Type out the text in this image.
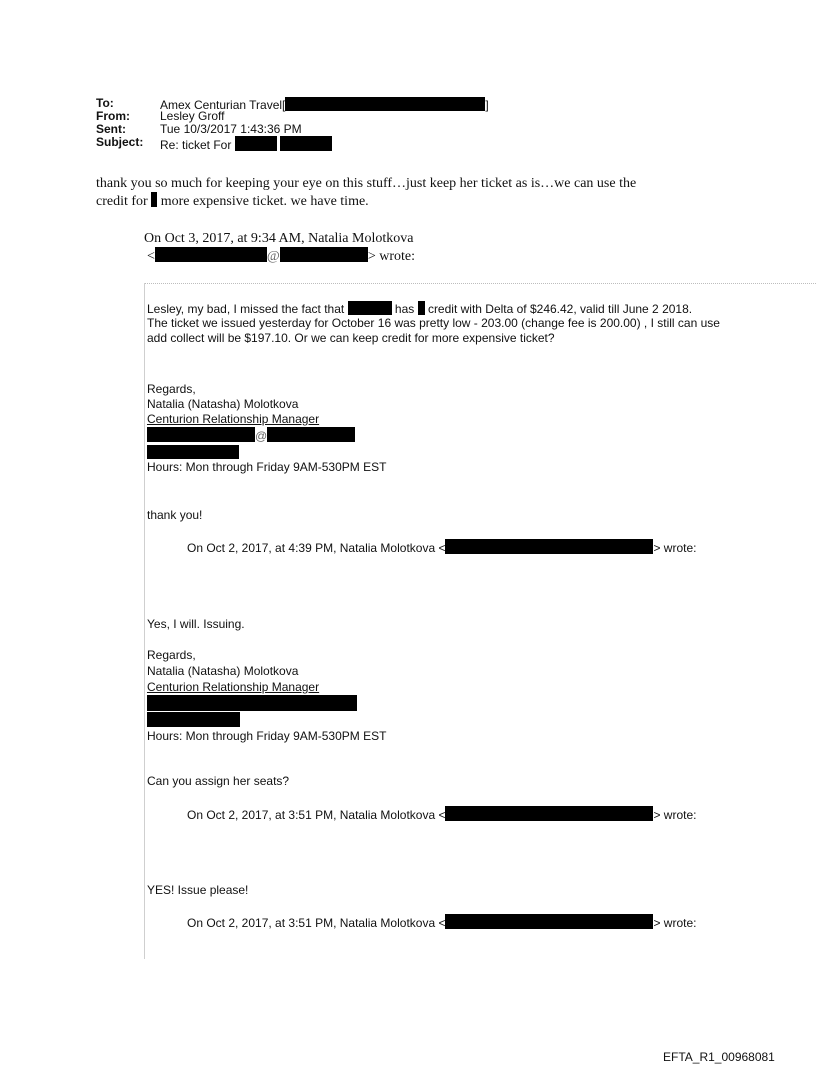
To:	Amex Centurian Travel[	]
From:	Lesley Groff
Sent:	Tue 10/3/2017 1:43:36 PM
Subject: Re: ticket For
thank you so much for keeping your eye on this stuff…just keep her ticket as is…we can use the
credit for more expensive ticket. we have time.
On Oct 3, 2017, at 9:34 AM, Natalia Molotkova
<	@	> wrote:
Lesley, my bad, I missed the fact that	has credit with Delta of $246.42, valid till June 2 2018.
The ticket we issued yesterday for October 16 was pretty low - 203.00 (change fee is 200.00) , I still can use
add collect will be $197.10. Or we can keep credit for more expensive ticket?
Regards,
Natalia (Natasha) Molotkova
Centurion Relationship Manager
@
Hours: Mon through Friday 9AM-530PM EST
thank you!
On Oct 2, 2017, at 4:39 PM, Natalia Molotkova <	> wrote:
Yes, I will. Issuing.
Regards,
Natalia (Natasha) Molotkova
Centurion Relationship Manager
Hours: Mon through Friday 9AM-530PM EST
Can you assign her seats?
On Oct 2, 2017, at 3:51 PM, Natalia Molotkova <	> wrote:
YES! Issue please!
On Oct 2, 2017, at 3:51 PM, Natalia Molotkova <	> wrote:
EFTA_R1_00968081
